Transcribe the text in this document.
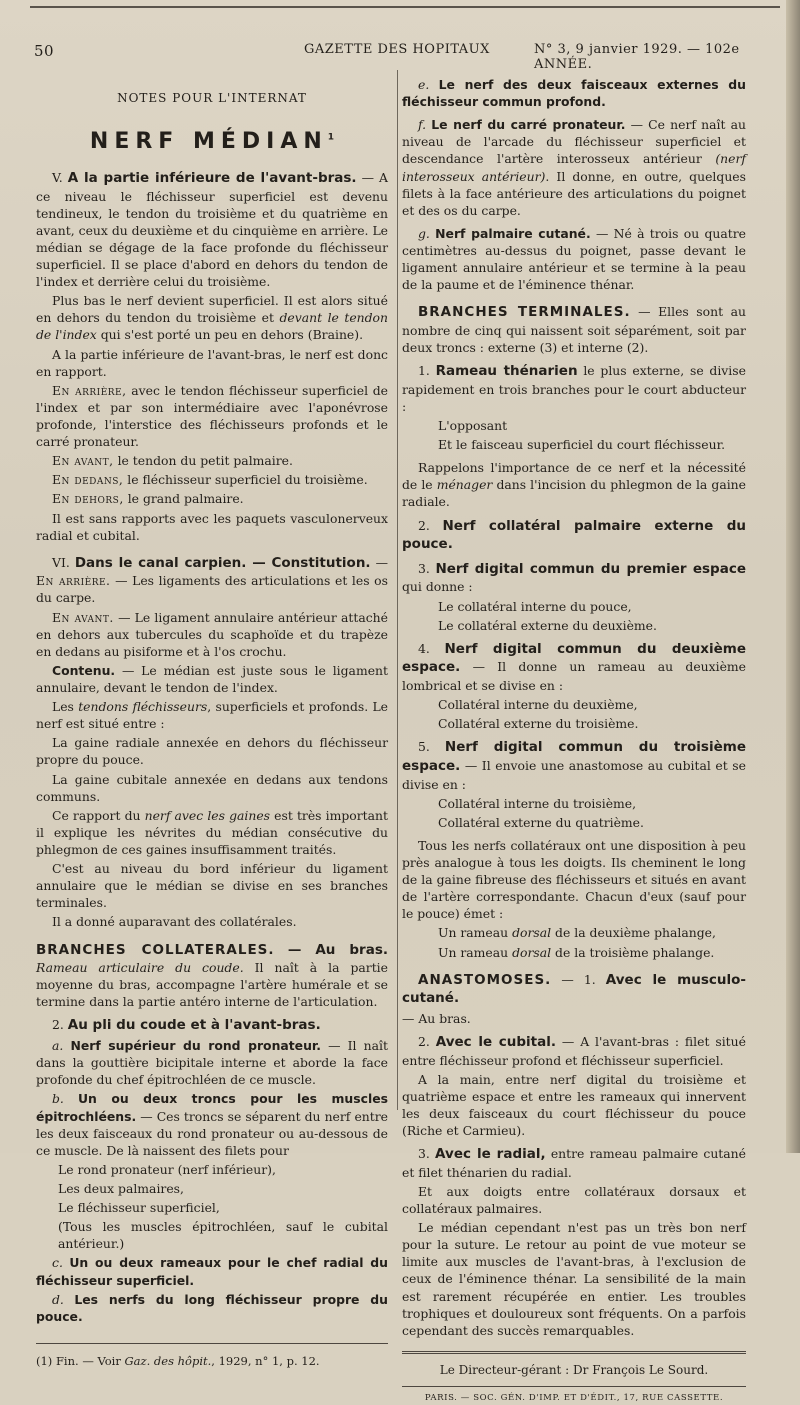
50	GAZETTE DES HOPITAUX	N° 3, 9 janvier 1929. — 102e ANNÉE.
NOTES POUR L'INTERNAT
NERF MÉDIAN$^1$

V. A la partie inférieure de l'avant-bras. — A ce niveau le fléchisseur superficiel est devenu tendineux, le tendon du troisième et du quatrième en avant, ceux du deuxième et du cinquième en arrière. Le médian se dégage de la face profonde du fléchisseur superficiel. Il se place d'abord en dehors du tendon de l'index et derrière celui du troisième.

Plus bas le nerf devient superficiel. Il est alors situé en dehors du tendon du troisième et devant le tendon de l'index qui s'est porté un peu en dehors (Braine).

A la partie inférieure de l'avant-bras, le nerf est donc en rapport.

En arrière, avec le tendon fléchisseur superficiel de l'index et par son intermédiaire avec l'aponévrose profonde, l'interstice des fléchisseurs profonds et le carré pronateur.

En avant, le tendon du petit palmaire.

En dedans, le fléchisseur superficiel du troisième.

En dehors, le grand palmaire.

Il est sans rapports avec les paquets vasculonerveux radial et cubital.

VI. Dans le canal carpien. — Constitution. — En arrière. — Les ligaments des articulations et les os du carpe.

En avant. — Le ligament annulaire antérieur attaché en dehors aux tubercules du scaphoïde et du trapèze en dedans au pisiforme et à l'os crochu.

Contenu. — Le médian est juste sous le ligament annulaire, devant le tendon de l'index.

Les tendons fléchisseurs, superficiels et profonds. Le nerf est situé entre :

La gaine radiale annexée en dehors du fléchisseur propre du pouce.

La gaine cubitale annexée en dedans aux tendons communs.

Ce rapport du nerf avec les gaines est très important il explique les névrites du médian consécutive du phlegmon de ces gaines insuffisamment traités.

C'est au niveau du bord inférieur du ligament annulaire que le médian se divise en ses branches terminales.

Il a donné auparavant des collatérales.

BRANCHES COLLATERALES. — Au bras. Rameau articulaire du coude. Il naît à la partie moyenne du bras, accompagne l'artère humérale et se termine dans la partie antéro interne de l'articulation.

2. Au pli du coude et à l'avant-bras.

a. Nerf supérieur du rond pronateur. — Il naît dans la gouttière bicipitale interne et aborde la face profonde du chef épitrochléen de ce muscle.

b. Un ou deux troncs pour les muscles épitrochléens. — Ces troncs se séparent du nerf entre les deux faisceaux du rond pronateur ou au-dessous de ce muscle. De là naissent des filets pour

Le rond pronateur (nerf inférieur),

Les deux palmaires,

Le fléchisseur superficiel,

(Tous les muscles épitrochléen, sauf le cubital antérieur.)

c. Un ou deux rameaux pour le chef radial du fléchisseur superficiel.

d. Les nerfs du long fléchisseur propre du pouce.

(1) Fin. — Voir Gaz. des hôpit., 1929, n° 1, p. 12.

e. Le nerf des deux faisceaux externes du fléchisseur commun profond.

f. Le nerf du carré pronateur. — Ce nerf naît au niveau de l'arcade du fléchisseur superficiel et descendance l'artère interosseux antérieur (nerf interosseux antérieur). Il donne, en outre, quelques filets à la face antérieure des articulations du poignet et des os du carpe.

g. Nerf palmaire cutané. — Né à trois ou quatre centimètres au-dessus du poignet, passe devant le ligament annulaire antérieur et se termine à la peau de la paume et de l'éminence thénar.

BRANCHES TERMINALES. — Elles sont au nombre de cinq qui naissent soit séparément, soit par deux troncs : externe (3) et interne (2).

1. Rameau thénarien le plus externe, se divise rapidement en trois branches pour le court abducteur :

L'opposant

Et le faisceau superficiel du court fléchisseur.

Rappelons l'importance de ce nerf et la nécessité de le ménager dans l'incision du phlegmon de la gaine radiale.

2. Nerf collatéral palmaire externe du pouce.

3. Nerf digital commun du premier espace qui donne :

Le collatéral interne du pouce,

Le collatéral externe du deuxième.

4. Nerf digital commun du deuxième espace. — Il donne un rameau au deuxième lombrical et se divise en :

Collatéral interne du deuxième,

Collatéral externe du troisième.

5. Nerf digital commun du troisième espace. — Il envoie une anastomose au cubital et se divise en :

Collatéral interne du troisième,

Collatéral externe du quatrième.

Tous les nerfs collatéraux ont une disposition à peu près analogue à tous les doigts. Ils cheminent le long de la gaine fibreuse des fléchisseurs et situés en avant de l'artère correspondante. Chacun d'eux (sauf pour le pouce) émet :

Un rameau dorsal de la deuxième phalange,

Un rameau dorsal de la troisième phalange.

ANASTOMOSES. — 1. Avec le musculo-cutané.

— Au bras.

2. Avec le cubital. — A l'avant-bras : filet situé entre fléchisseur profond et fléchisseur superficiel.

A la main, entre nerf digital du troisième et quatrième espace et entre les rameaux qui innervent les deux faisceaux du court fléchisseur du pouce (Riche et Carmieu).

3. Avec le radial, entre rameau palmaire cutané et filet thénarien du radial.

Et aux doigts entre collatéraux dorsaux et collatéraux palmaires.

Le médian cependant n'est pas un très bon nerf pour la suture. Le retour au point de vue moteur se limite aux muscles de l'avant-bras, à l'exclusion de ceux de l'éminence thénar. La sensibilité de la main est rarement récupérée en entier. Les troubles trophiques et douloureux sont fréquents. On a parfois cependant des succès remarquables.

Le Directeur-gérant : Dr François Le Sourd.
PARIS. — SOC. GÉN. D'IMP. ET D'ÉDIT., 17, RUE CASSETTE.
